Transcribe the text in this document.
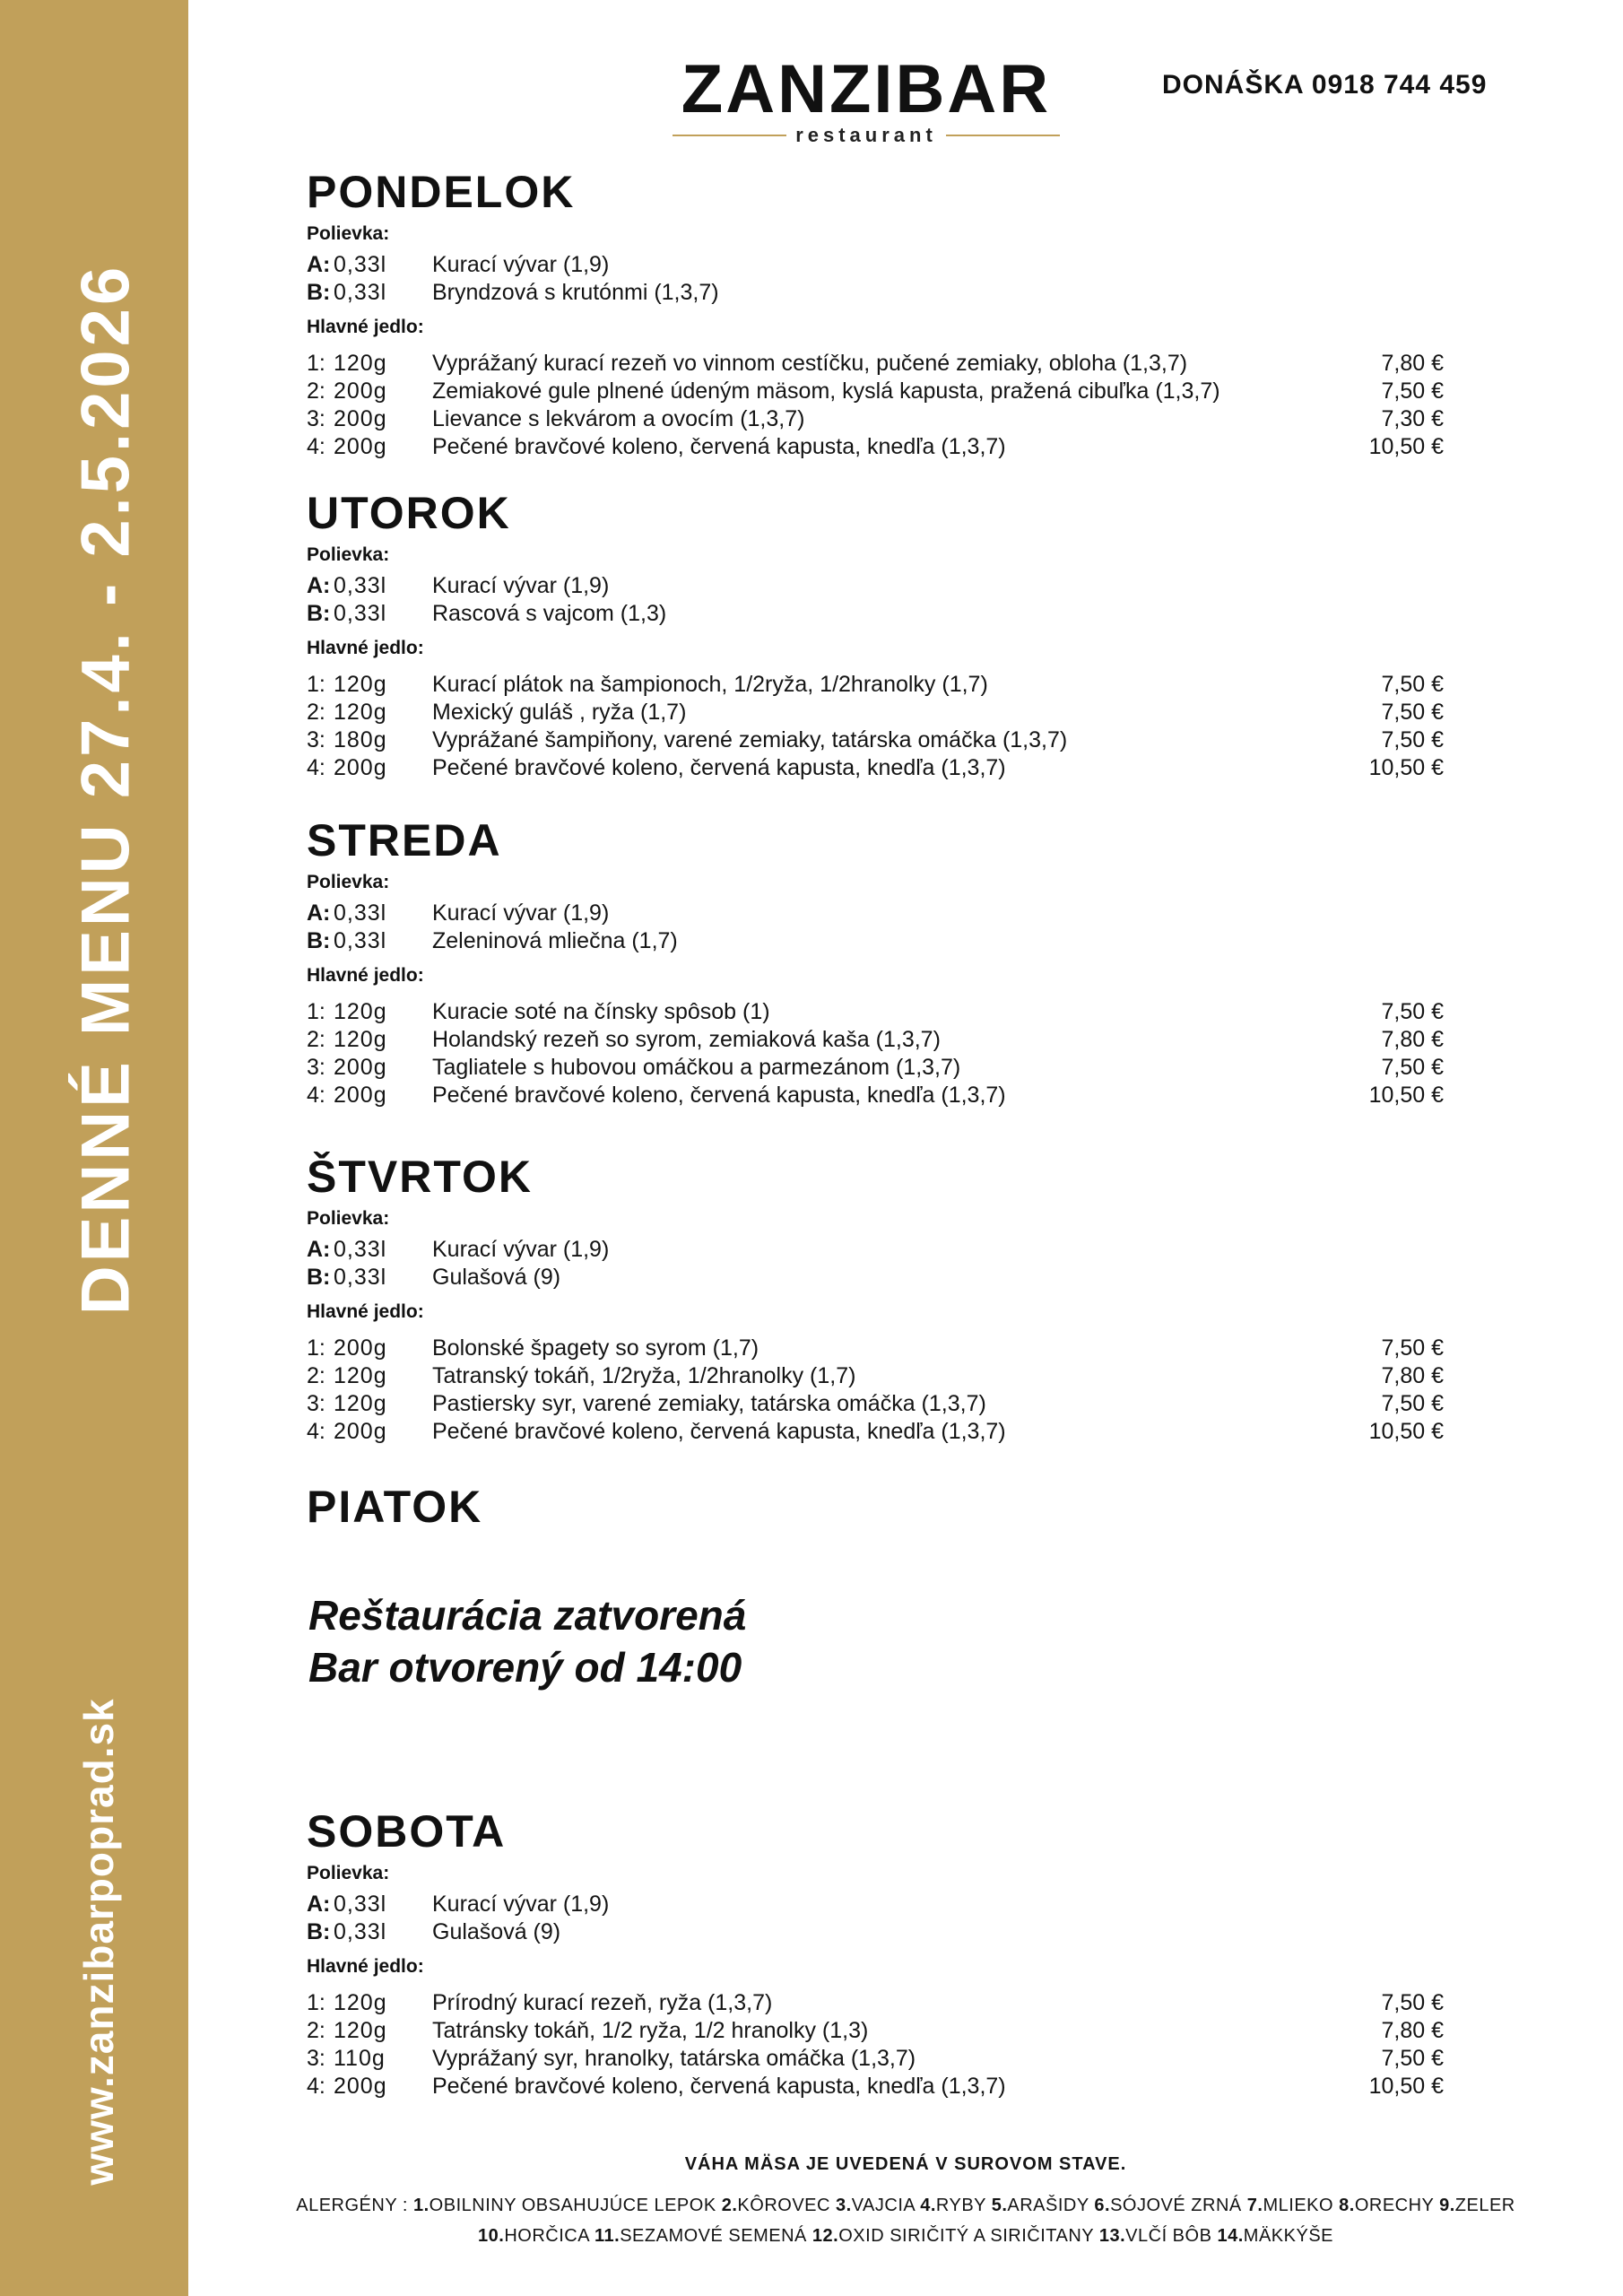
DENNÉ MENU 27.4. - 2.5.2026
www.zanzibarpoprad.sk
ZANZIBAR
restaurant
DONÁŠKA 0918 744 459
PONDELOK
Polievka:
A: 0,33l	Kurací vývar (1,9)
B: 0,33l	Bryndzová s krutónmi (1,3,7)
Hlavné jedlo:
1: 120g	Vyprážaný kurací rezeň vo vinnom cestíčku, pučené zemiaky, obloha (1,3,7)	7,80 €
2: 200g	Zemiakové gule plnené údeným mäsom, kyslá kapusta, pražená cibuľka (1,3,7)	7,50 €
3: 200g	Lievance s lekvárom a ovocím (1,3,7)	7,30 €
4: 200g	Pečené bravčové koleno, červená kapusta, knedľa (1,3,7)	10,50 €
UTOROK
Polievka:
A: 0,33l	Kurací vývar (1,9)
B: 0,33l	Rascová s vajcom (1,3)
Hlavné jedlo:
1: 120g	Kurací plátok na šampionoch, 1/2ryža, 1/2hranolky (1,7)	7,50 €
2: 120g	Mexický guláš , ryža (1,7)	7,50 €
3: 180g	Vyprážané šampiňony, varené zemiaky, tatárska omáčka (1,3,7)	7,50 €
4: 200g	Pečené bravčové koleno, červená kapusta, knedľa (1,3,7)	10,50 €
STREDA
Polievka:
A: 0,33l	Kurací vývar (1,9)
B: 0,33l	Zeleninová mliečna (1,7)
Hlavné jedlo:
1: 120g	Kuracie soté na čínsky spôsob (1)	7,50 €
2: 120g	Holandský rezeň so syrom, zemiaková kaša (1,3,7)	7,80 €
3: 200g	Tagliatele s hubovou omáčkou a parmezánom (1,3,7)	7,50 €
4: 200g	Pečené bravčové koleno, červená kapusta, knedľa (1,3,7)	10,50 €
ŠTVRTOK
Polievka:
A: 0,33l	Kurací vývar (1,9)
B: 0,33l	Gulašová (9)
Hlavné jedlo:
1: 200g	Bolonské špagety so syrom (1,7)	7,50 €
2: 120g	Tatranský tokáň, 1/2ryža, 1/2hranolky (1,7)	7,80 €
3: 120g	Pastiersky syr, varené zemiaky, tatárska omáčka (1,3,7)	7,50 €
4: 200g	Pečené bravčové koleno, červená kapusta, knedľa (1,3,7)	10,50 €
PIATOK
Reštaurácia zatvorená
Bar otvorený od 14:00
SOBOTA
Polievka:
A: 0,33l	Kurací vývar (1,9)
B: 0,33l	Gulašová (9)
Hlavné jedlo:
1: 120g	Prírodný kurací rezeň, ryža (1,3,7)	7,50 €
2: 120g	Tatránsky tokáň, 1/2 ryža, 1/2 hranolky (1,3)	7,80 €
3: 110g	Vyprážaný syr, hranolky, tatárska omáčka (1,3,7)	7,50 €
4: 200g	Pečené bravčové koleno, červená kapusta, knedľa (1,3,7)	10,50 €
VÁHA MÄSA JE UVEDENÁ V SUROVOM STAVE.
ALERGÉNY : 1.OBILNINY OBSAHUJÚCE LEPOK 2.KÔROVEC 3.VAJCIA 4.RYBY 5.ARAŠIDY 6.SÓJOVÉ ZRNÁ 7.MLIEKO 8.ORECHY 9.ZELER
10.HORČICA 11.SEZAMOVÉ SEMENÁ 12.OXID SIRIČITÝ A SIRIČITANY 13.VLČÍ BÔB 14.MÄKKÝŠE
